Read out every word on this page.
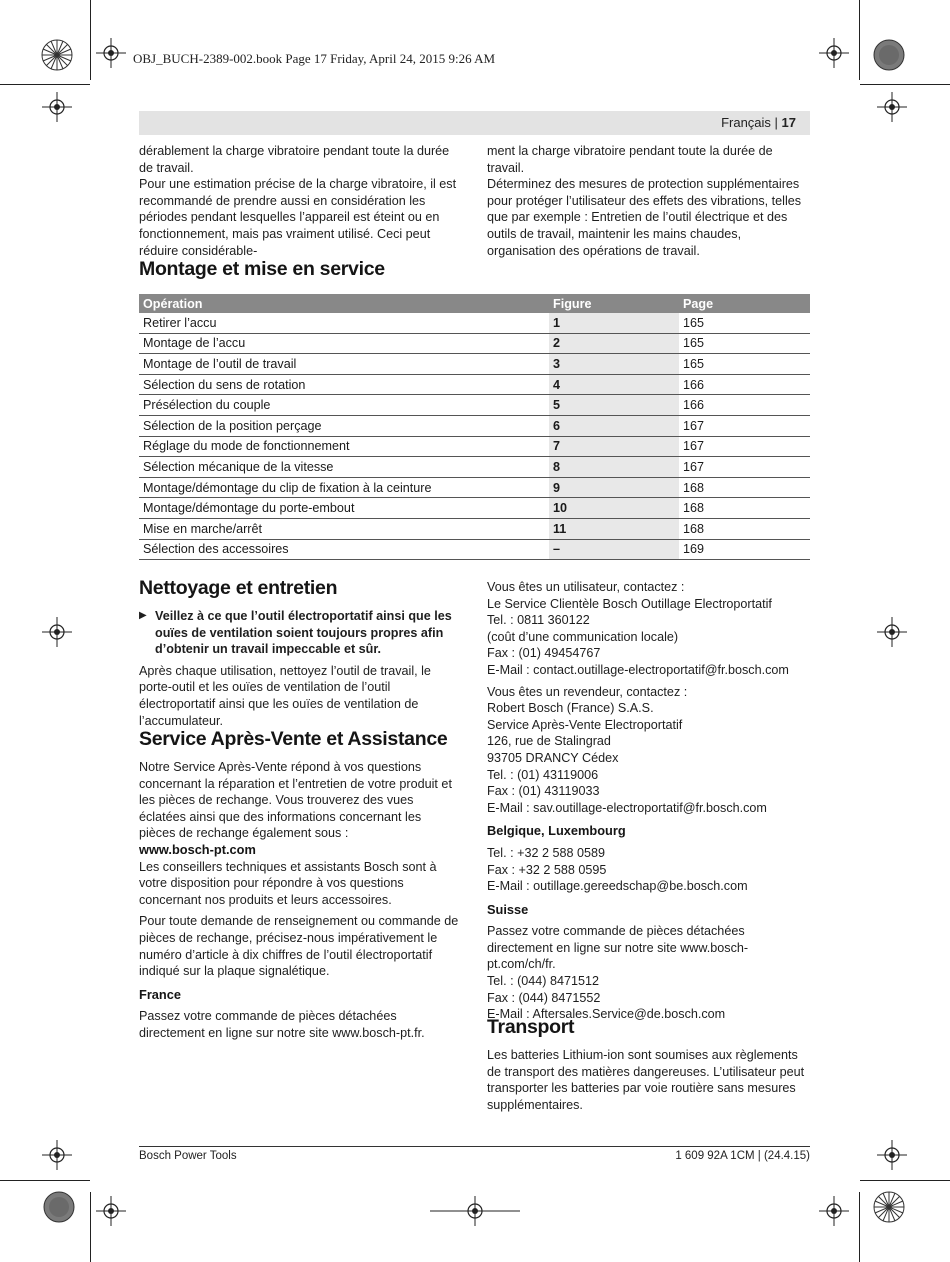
OBJ_BUCH-2389-002.book Page 17 Friday, April 24, 2015 9:26 AM
Français | 17

dérablement la charge vibratoire pendant toute la durée de travail.

Pour une estimation précise de la charge vibratoire, il est recommandé de prendre aussi en considération les périodes pendant lesquelles l’appareil est éteint ou en fonctionnement, mais pas vraiment utilisé. Ceci peut réduire considérable-

ment la charge vibratoire pendant toute la durée de travail.

Déterminez des mesures de protection supplémentaires pour protéger l’utilisateur des effets des vibrations, telles que par exemple : Entretien de l’outil électrique et des outils de travail, maintenir les mains chaudes, organisation des opérations de travail.

Montage et mise en service
Opération	Figure	Page
Retirer l’accu	1	165
Montage de l’accu	2	165
Montage de l’outil de travail	3	165
Sélection du sens de rotation	4	166
Présélection du couple	5	166
Sélection de la position perçage	6	167
Réglage du mode de fonctionnement	7	167
Sélection mécanique de la vitesse	8	167
Montage/démontage du clip de fixation à la ceinture	9	168
Montage/démontage du porte-embout	10	168
Mise en marche/arrêt	11	168
Sélection des accessoires	–	169
Nettoyage et entretien
▶ Veillez à ce que l’outil électroportatif ainsi que les ouïes de ventilation soient toujours propres afin d’obtenir un travail impeccable et sûr.

Après chaque utilisation, nettoyez l’outil de travail, le porte-outil et les ouïes de ventilation de l’outil électroportatif ainsi que les ouïes de ventilation de l’accumulateur.

Service Après-Vente et Assistance

Notre Service Après-Vente répond à vos questions concernant la réparation et l’entretien de votre produit et les pièces de rechange. Vous trouverez des vues éclatées ainsi que des informations concernant les pièces de rechange également sous :

www.bosch-pt.com

Les conseillers techniques et assistants Bosch sont à votre disposition pour répondre à vos questions concernant nos produits et leurs accessoires.

Pour toute demande de renseignement ou commande de pièces de rechange, précisez-nous impérativement le numéro d’article à dix chiffres de l’outil électroportatif indiqué sur la plaque signalétique.

France

Passez votre commande de pièces détachées directement en ligne sur notre site www.bosch-pt.fr.

Vous êtes un utilisateur, contactez :

Le Service Clientèle Bosch Outillage Electroportatif

Tel. : 0811 360122

(coût d’une communication locale)

Fax : (01) 49454767

E-Mail : contact.outillage-electroportatif@fr.bosch.com

Vous êtes un revendeur, contactez :

Robert Bosch (France) S.A.S.

Service Après-Vente Electroportatif

126, rue de Stalingrad

93705 DRANCY Cédex

Tel. : (01) 43119006

Fax : (01) 43119033

E-Mail : sav.outillage-electroportatif@fr.bosch.com

Belgique, Luxembourg

Tel. : +32 2 588 0589

Fax : +32 2 588 0595

E-Mail : outillage.gereedschap@be.bosch.com

Suisse

Passez votre commande de pièces détachées directement en ligne sur notre site www.bosch-pt.com/ch/fr.

Tel. : (044) 8471512

Fax : (044) 8471552

E-Mail : Aftersales.Service@de.bosch.com

Transport

Les batteries Lithium-ion sont soumises aux règlements de transport des matières dangereuses. L’utilisateur peut transporter les batteries par voie routière sans mesures supplémentaires.

Bosch Power Tools	1 609 92A 1CM | (24.4.15)
